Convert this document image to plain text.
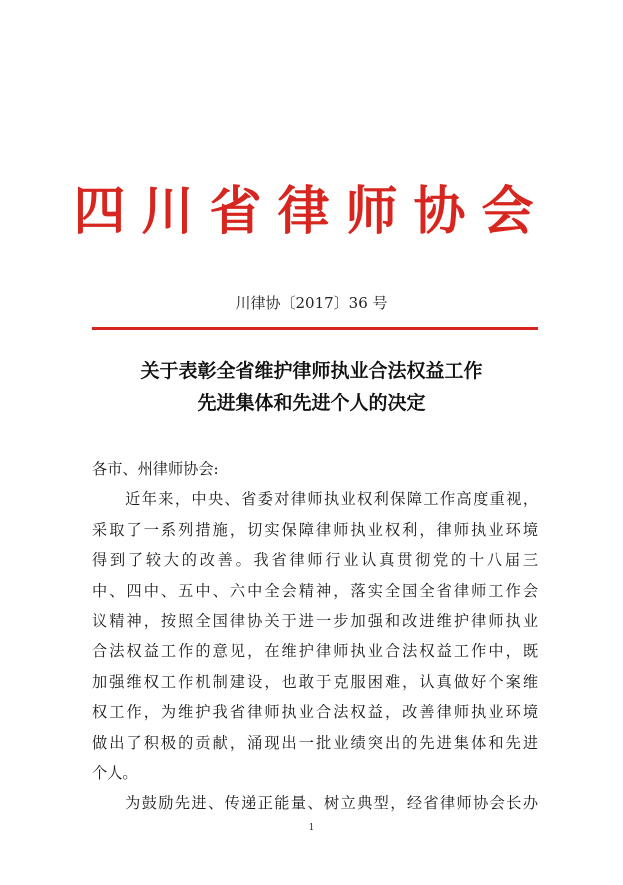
四川省律师协会
川律协〔2017〕36 号
关于表彰全省维护律师执业合法权益工作
先进集体和先进个人的决定
各市、州律师协会:
　　近年来，中央、省委对律师执业权利保障工作高度重视，
采取了一系列措施，切实保障律师执业权利，律师执业环境
得到了较大的改善。我省律师行业认真贯彻党的十八届三
中、四中、五中、六中全会精神，落实全国全省律师工作会
议精神，按照全国律协关于进一步加强和改进维护律师执业
合法权益工作的意见，在维护律师执业合法权益工作中，既
加强维权工作机制建设，也敢于克服困难，认真做好个案维
权工作，为维护我省律师执业合法权益，改善律师执业环境
做出了积极的贡献，涌现出一批业绩突出的先进集体和先进
个人。
　　为鼓励先进、传递正能量、树立典型，经省律师协会长办
1
